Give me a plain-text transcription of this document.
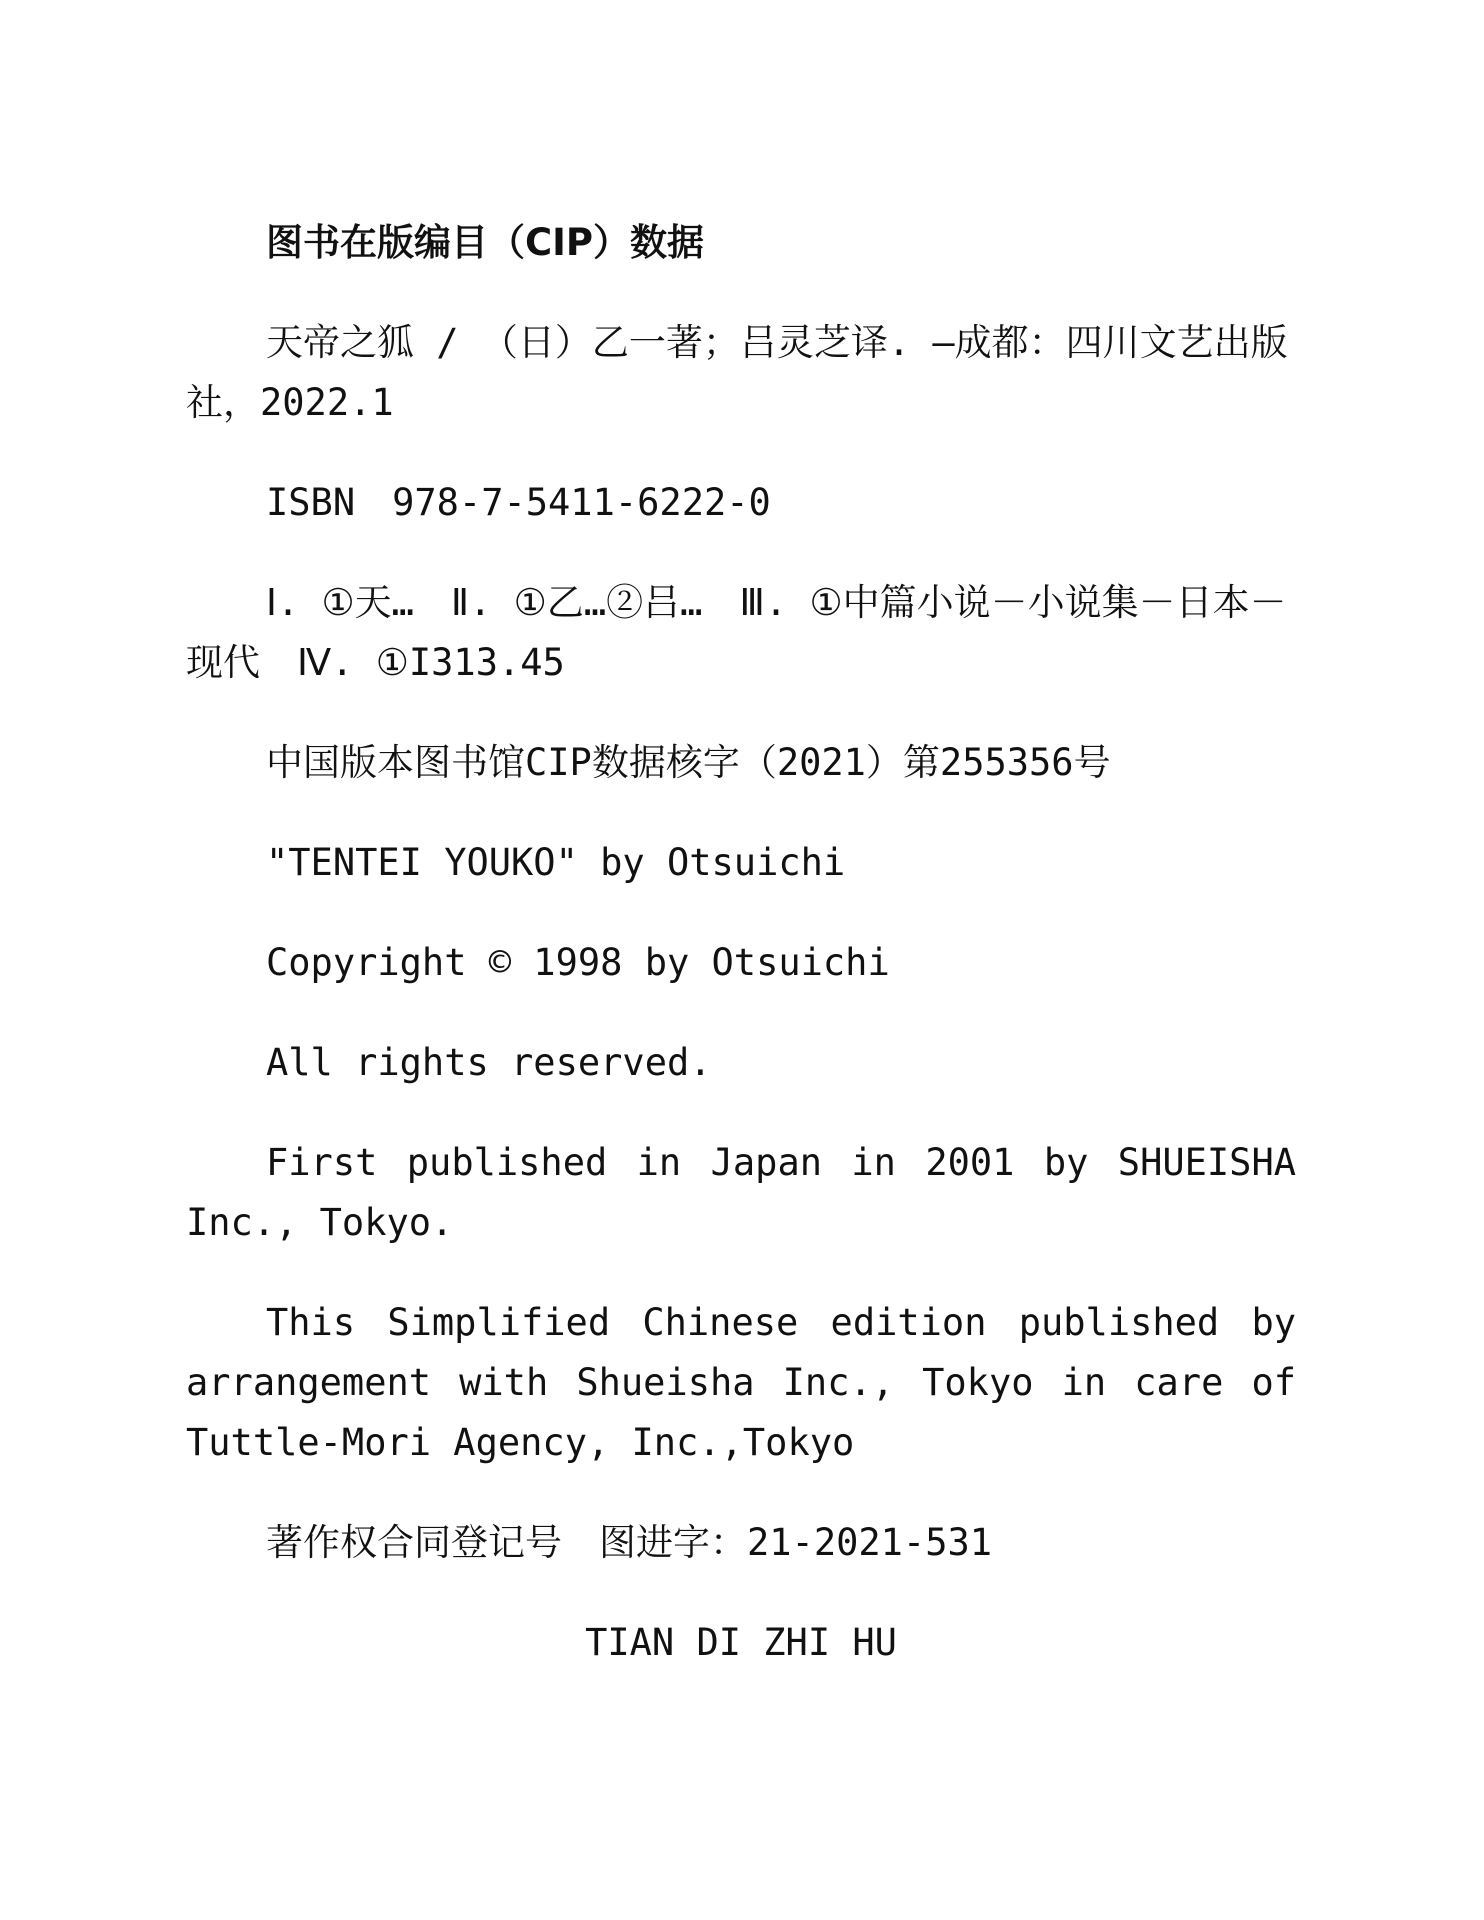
图书在版编目（CIP）数据
天帝之狐 / （日）乙一著；吕灵芝译. —成都：四川文艺出版社，2022.1
ISBN　978-7-5411-6222-0
Ⅰ. ①天…　Ⅱ. ①乙…②吕…　Ⅲ. ①中篇小说－小说集－日本－现代　Ⅳ. ①I313.45
中国版本图书馆CIP数据核字（2021）第255356号
"TENTEI YOUKO" by Otsuichi
Copyright © 1998 by Otsuichi
All rights reserved.
First published in Japan in 2001 by SHUEISHA Inc., Tokyo.
This Simplified Chinese edition published by arrangement with Shueisha Inc., Tokyo in care of Tuttle-Mori Agency, Inc.,Tokyo
著作权合同登记号　图进字：21-2021-531
TIAN DI ZHI HU
